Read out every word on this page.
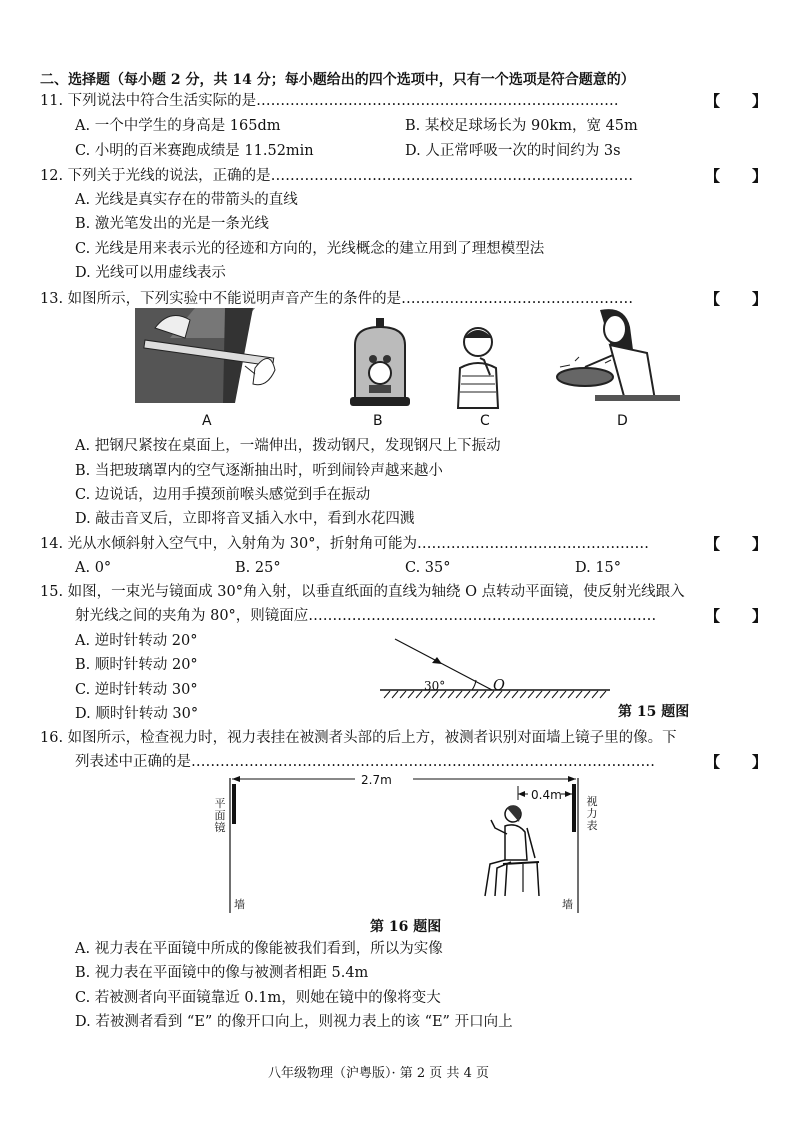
二、选择题（每小题 2 分，共 14 分；每小题给出的四个选项中，只有一个选项是符合题意的）
11. 下列说法中符合生活实际的是…………………………………………………………………	【 】
A. 一个中学生的身高是 165dm	B. 某校足球场长为 90km，宽 45m
C. 小明的百米赛跑成绩是 11.52min	D. 人正常呼吸一次的时间约为 3s
12. 下列关于光线的说法，正确的是…………………………………………………………………	【 】
A. 光线是真实存在的带箭头的直线
B. 激光笔发出的光是一条光线
C. 光线是用来表示光的径迹和方向的，光线概念的建立用到了理想模型法
D. 光线可以用虚线表示
13. 如图所示，下列实验中不能说明声音产生的条件的是…………………………………………	【 】
A	B	C	D
A. 把钢尺紧按在桌面上，一端伸出，拨动钢尺，发现钢尺上下振动
B. 当把玻璃罩内的空气逐渐抽出时，听到闹铃声越来越小
C. 边说话，边用手摸颈前喉头感觉到手在振动
D. 敲击音叉后，立即将音叉插入水中，看到水花四溅
14. 光从水倾斜射入空气中，入射角为 30°，折射角可能为…………………………………………	【 】
A. 0°	B. 25°	C. 35°	D. 15°
15. 如图，一束光与镜面成 30°角入射，以垂直纸面的直线为轴绕 O 点转动平面镜，使反射光线跟入
射光线之间的夹角为 80°，则镜面应………………………………………………………………	【 】
A. 逆时针转动 20°
B. 顺时针转动 20°
C. 逆时针转动 30°
D. 顺时针转动 30°
30°	O
第 15 题图
16. 如图所示，检查视力时，视力表挂在被测者头部的后上方，被测者识别对面墙上镜子里的像。下
列表述中正确的是……………………………………………………………………………………	【 】
2.7m
0.4m
平面镜
视力表
墙	墙
第 16 题图
A. 视力表在平面镜中所成的像能被我们看到，所以为实像
B. 视力表在平面镜中的像与被测者相距 5.4m
C. 若被测者向平面镜靠近 0.1m，则她在镜中的像将变大
D. 若被测者看到 “E” 的像开口向上，则视力表上的该 “E” 开口向上
八年级物理（沪粤版）· 第 2 页 共 4 页
